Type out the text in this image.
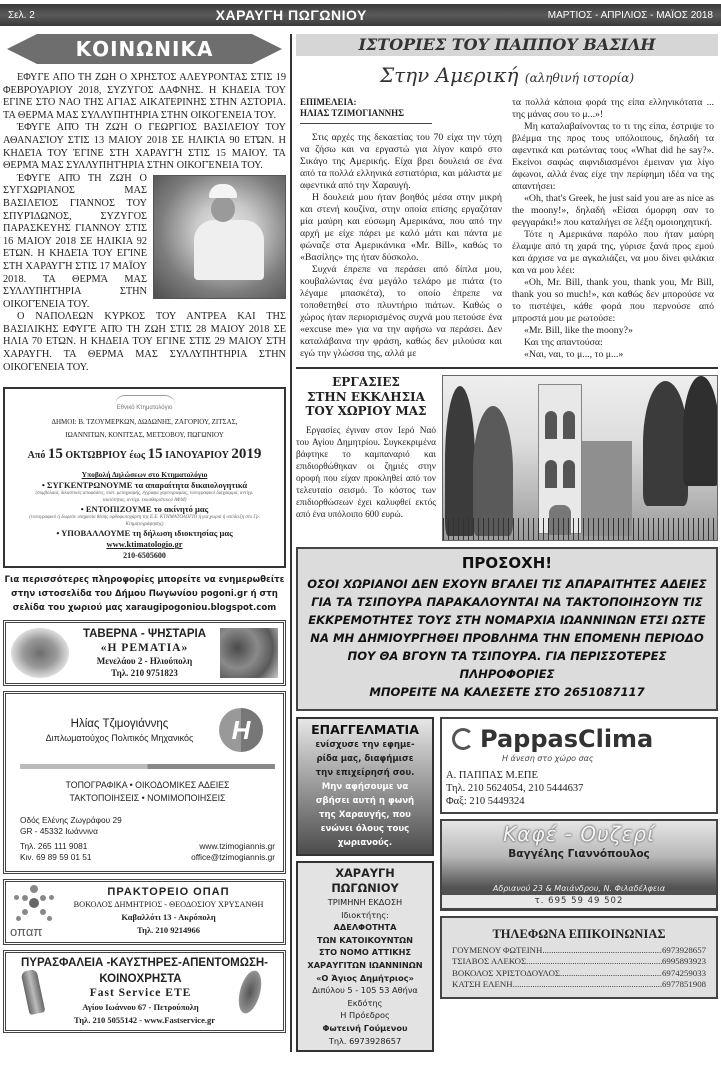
Σελ. 2	ΧΑΡΑΥΓΗ ΠΩΓΩΝΙΟΥ	ΜΑΡΤΙΟΣ - ΑΠΡΙΛΙΟΣ - ΜΑΪΟΣ 2018
ΚΟΙΝΩΝΙΚΑ

ΕΦΥΓΕ ΑΠΟ ΤΗ ΖΩΗ Ο ΧΡΗΣΤΟΣ ΑΛΕΥΡΟΝΤΑΣ ΣΤΙΣ 19 ΦΕΒΡΟΥΑΡΙΟΥ 2018, ΣΥΖΥΓΟΣ ΔΑΦΝΗΣ. Η ΚΗΔΕΙΑ ΤΟΥ ΕΓΙΝΕ ΣΤΟ ΝΑΟ ΤΗΣ ΑΓΙΑΣ ΑΙΚΑΤΕΡΙΝΗΣ ΣΤΗΝ ΑΣΤΟΡΙΑ. ΤΑ ΘΕΡΜΑ ΜΑΣ ΣΥΛΛΥΠΗΤΗΡΙΑ ΣΤΗΝ ΟΙΚΟΓΕΝΕΙΑ ΤΟΥ.

ΈΦΥΓΕ ΑΠΌ ΤΗ ΖΩΉ Ο ΓΕΩΡΓΙΟΣ ΒΑΣΙΛΕΊΟΥ ΤΟΥ ΑΘΑΝΑΣΊΟΥ ΣΤΙΣ 13 ΜΑΙΟΥ 2018 ΣΕ ΗΛΙΚΊΑ 90 ΕΤΏΝ. Η ΚΗΔΕΊΑ ΤΟΥ ΈΓΙΝΕ ΣΤΗ ΧΑΡΑΥΓΉ ΣΤΙΣ 15 ΜΑΙΟΥ. ΤΑ ΘΕΡΜΆ ΜΑΣ ΣΥΛΛΥΠΗΤΉΡΙΑ ΣΤΗΝ ΟΙΚΟΓΈΝΕΙΑ ΤΟΥ.

ΈΦΥΓΕ ΑΠΌ ΤΗ ΖΩΉ Ο ΣΥΓΧΩΡΙΑΝΟΣ ΜΑΣ ΒΑΣΙΛΕΊΟΣ ΓΙΆΝΝΟΣ ΤΟΥ ΣΠΥΡΊΔΩΝΟΣ, ΣΥΖΥΓΟΣ ΠΑΡΑΣΚΕΥΗΣ ΓΙΑΝΝΟΥ ΣΤΙΣ 16 ΜΑΙΟΥ 2018 ΣΕ ΗΛΙΚΙΑ 92 ΕΤΩΝ. Η ΚΗΔΕΊΑ ΤΟΥ ΕΓΊΝΕ ΣΤΗ ΧΑΡΑΥΓΉ ΣΤΙΣ 17 ΜΑΪΟΥ 2018. ΤΑ ΘΕΡΜΆ ΜΑΣ ΣΥΛΛΥΠΗΤΉΡΙΑ ΣΤΗΝ ΟΙΚΟΓΈΝΕΙΑ ΤΟΥ.

Ο ΝΑΠΟΛΕΩΝ ΚΥΡΚΟΣ ΤΟΥ ΑΝΤΡΕΑ ΚΑΙ ΤΗΣ ΒΑΣΙΛΙΚΗΣ ΕΦΥΓΈ ΑΠΌ ΤΗ ΖΩΗ ΣΤΙΣ 28 ΜΑΙΟΥ 2018 ΣΕ ΗΛΙΑ 70 ΕΤΩΝ. Η ΚΗΔΕΙΑ ΤΟΥ ΕΓΙΝΕ ΣΤΙΣ 29 ΜΑΙΟΥ ΣΤΗ ΧΑΡΑΥΓΗ. ΤΑ ΘΕΡΜΑ ΜΑΣ ΣΥΛΛΥΠΗΤΗΡΙΑ ΣΤΗΝ ΟΙΚΟΓΕΝΕΙΑ ΤΟΥ.

Εθνικό Κτηματολόγιο
ΔΗΜΟΙ: Β. ΤΖΟΥΜΕΡΚΩΝ, ΔΩΔΩΝΗΣ, ΖΑΓΟΡΙΟΥ, ΖΙΤΣΑΣ,
ΙΩΑΝΝΙΤΩΝ, ΚΟΝΙΤΣΑΣ, ΜΕΤΣΟΒΟΥ, ΠΩΓΩΝΙΟΥ
Από 15 ΟΚΤΩΒΡΙΟΥ έως 15 ΙΑΝΟΥΑΡΙΟΥ 2019
Υποβολή Δηλώσεων στο Κτηματολόγιο
• ΣΥΓΚΕΝΤΡΩΝΟΥΜΕ τα απαραίτητα δικαιολογητικά
(συμβόλαια, δικαστικές αποφάσεις, πιστ. μεταγραφής, έγγραφα χαρτογραφίας, τοπογραφικό διάγραμμα, αντίγρ. ταυτότητας, αντίγρ. εκκαθαριστικού ΑΦΜ)
• ΕΝΤΟΠΙΖΟΥΜΕ το ακίνητό μας
(τοπογραφικό ή δωρεάν υπηρεσία θέσης ορθοφωτοχάρτη της Ε.Ε. ΚΤΗΜΑΤΟΛΟΓΙΟ ή για χωριά ή υπόδειξη στο Γρ. Κτηματογράφησης)
• ΥΠΟΒΑΛΛΟΥΜΕ τη δήλωση ιδιοκτησίας μας
www.ktimatologio.gr
210-6505600

Για περισσότερες πληροφορίες μπορείτε να ενημερωθείτε στην ιστοσελίδα του Δήμου Πωγωνίου pogoni.gr ή στη σελίδα του χωριού μας xaraugipogoniou.blogspot.com

ΤΑΒΕΡΝΑ - ΨΗΣΤΑΡΙΑ
«Η ΡΕΜΑΤΙΑ»
Μενελάου 2 - Ηλιούπολη
Τηλ. 210 9751823
Ηλίας Τζιμογιάννης
Διπλωματούχος Πολιτικός Μηχανικός	H
ΤΟΠΟΓΡΑΦΙΚΑ • ΟΙΚΟΔΟΜΙΚΕΣ ΑΔΕΙΕΣ
ΤΑΚΤΟΠΟΙΗΣΕΙΣ • ΝΟΜΙΜΟΠΟΙΗΣΕΙΣ
Οδός Ελένης Ζωγράφου 29
GR - 45332 Ιωάννινα
Τηλ. 265 111 9081
Κιν. 69 89 59 01 51
www.tzimogiannis.gr
office@tzimogiannis.gr
οπαπ
ΠΡΑΚΤΟΡΕΙΟ ΟΠΑΠ
ΒΟΚΟΛΟΣ ΔΗΜΗΤΡΙΟΣ - ΘΕΟΔΟΣΙΟΥ ΧΡΥΣΑΝΘΗ
Καβαλλότι 13 - Ακρόπολη
Τηλ. 210 9214966
ΠΥΡΑΣΦΑΛΕΙΑ -ΚΑΥΣΤΗΡΕΣ-ΑΠΕΝΤΟΜΩΣΗ-
ΚΟΙΝΟΧΡΗΣΤΑ
Fast Service ETE
Αγίου Ιωάννου 67 - Πετρούπολη
Τηλ. 210 5055142 - www.Fastservice.gr
ΙΣΤΟΡΙΕΣ ΤΟΥ ΠΑΠΠΟΥ ΒΑΣΙΛΗ
Στην Αμερική (αληθινή ιστορία)
ΕΠΙΜΕΛΕΙΑ:
ΗΛΙΑΣ ΤΖΙΜΟΓΙΑΝΝΗΣ

Στις αρχές της δεκαετίας του 70 είχα την τύχη να ζήσω και να εργαστώ για λίγον καιρό στο Σικάγο της Αμερικής. Είχα βρει δουλειά σε ένα από τα πολλά ελληνικά εστιατόρια, και μάλιστα με αφεντικά από την Χαραυγή.

Η δουλειά μου ήταν βοηθός μέσα στην μικρή και στενή κουζίνα, στην οποία επίσης εργαζόταν μία μαύρη και εύσωμη Αμερικάνα, που από την αρχή με είχε πάρει με καλό μάτι και πάντα με φώναζε στα Αμερικάνικα «Mr. Bill», καθώς το «Βασίλης» της ήταν δύσκολο.

Συχνά έπρεπε να περάσει από δίπλα μου, κουβαλώντας ένα μεγάλο τελάρο με πιάτα (το λέγαμε μπασκέτα), το οποίο έπρεπε να τοποθετηθεί στο πλυντήριο πιάτων. Καθώς ο χώρος ήταν περιορισμένος συχνά μου πετούσε ένα «excuse me» για να την αφήσω να περάσει. Δεν καταλάβαινα την φράση, καθώς δεν μιλούσα και εγώ την γλώσσα της, αλλά με

τα πολλά κάποια φορά της είπα ελληνικότατα ... της μάνας σου το μ...»!

Μη καταλαβαίνοντας το τι της είπα, έστριψε το βλέμμα της προς τους υπόλοιπους, δηλαδή τα αφεντικά και ρωτώντας τους «What did he say?». Εκείνοι σαφώς αιφνιδιασμένοι έμειναν για λίγο άφωνοι, αλλά ένας είχε την περίφημη ιδέα να της απαντήσει:

«Oh, that's Greek, he just said you are as nice as the moony!», δηλαδή «Είσαι όμορφη σαν το φεγγαράκι!» που καταλήγει σε λέξη ομοιοηχητική.

Τότε η Αμερικάνα παρόλο που ήταν μαύρη έλαμψε από τη χαρά της, γύρισε ξανά προς εμού και άρχισε να με αγκαλιάζει, να μου δίνει φιλάκια και να μου λέει:

«Oh, Mr. Bill, thank you, thank you, Mr Bill, thank you so much!», και καθώς δεν μπορούσε να το πιστέψει, κάθε φορά που περνούσε από μπροστά μου με ρωτούσε:

«Mr. Bill, like the moony?»

Και της απαντούσα:

«Ναι, ναι, το μ..., το μ...»

ΕΡΓΑΣΙΕΣ
ΣΤΗΝ ΕΚΚΛΗΣΙΑ
ΤΟΥ ΧΩΡΙΟΥ ΜΑΣ

Εργασίες έγιναν στον Ιερό Ναό του Αγίου Δημητρίου. Συγκεκριμένα βάφτηκε το καμπαναριό και επιδιορθώθηκαν οι ζημιές στην οροφή που είχαν προκληθεί από τον τελευταίο σεισμό. Το κόστος των επιδιορθώσεων έχει καλυφθεί εκτός από ένα υπόλοιπο 600 ευρώ.

ΠΡΟΣΟΧΗ!
ΟΣΟΙ ΧΩΡΙΑΝΟΙ ΔΕΝ ΕΧΟΥΝ ΒΓΑΛΕΙ ΤΙΣ ΑΠΑΡΑΙΤΗΤΕΣ ΑΔΕΙΕΣ
ΓΙΑ ΤΑ ΤΣΙΠΟΥΡΑ ΠΑΡΑΚΑΛΟΥΝΤΑΙ ΝΑ ΤΑΚΤΟΠΟΙΗΣΟΥΝ ΤΙΣ
ΕΚΚΡΕΜΟΤΗΤΕΣ ΤΟΥΣ ΣΤΗ ΝΟΜΑΡΧΙΑ ΙΩΑΝΝΙΝΩΝ ΕΤΣΙ ΩΣΤΕ
ΝΑ ΜΗ ΔΗΜΙΟΥΡΓΗΘΕΙ ΠΡΟΒΛΗΜΑ ΤΗΝ ΕΠΟΜΕΝΗ ΠΕΡΙΟΔΟ
ΠΟΥ ΘΑ ΒΓΟΥΝ ΤΑ ΤΣΙΠΟΥΡΑ. ΓΙΑ ΠΕΡΙΣΣΟΤΕΡΕΣ ΠΛΗΡΟΦΟΡΙΕΣ
ΜΠΟΡΕΙΤΕ ΝΑ ΚΑΛΕΣΕΤΕ ΣΤΟ 2651087117
ΕΠΑΓΓΕΛΜΑΤΙΑ
ενίσχυσε την εφημε-
ρίδα μας, διαφήμισε
την επιχείρησή σου.
Μην αφήσουμε να
σβήσει αυτή η φωνή
της Χαραυγής, που
ενώνει όλους τους
χωριανούς.
ΧΑΡΑΥΓΗ ΠΩΓΩΝΙΟΥ
ΤΡΙΜΗΝΗ ΕΚΔΟΣΗ
Ιδιοκτήτης:
ΑΔΕΛΦΟΤΗΤΑ
ΤΩΝ ΚΑΤΟΙΚΟΥΝΤΩΝ
ΣΤΟ ΝΟΜΟ ΑΤΤΙΚΗΣ
ΧΑΡΑΥΓΙΤΩΝ ΙΩΑΝΝΙΝΩΝ
«Ο Άγιος Δημήτριος»
Διπύλου 5 - 105 53 Αθήνα
Εκδότης
Η Πρόεδρος
Φωτεινή Γούμενου
Τηλ. 6973928657
PappasClima
Η άνεση στο χώρο σας
Α. ΠΑΠΠΑΣ Μ.ΕΠΕ
Τηλ. 210 5624054, 210 5444637
Φαξ: 210 5449324
Καφέ - Ουζερί
Βαγγέλης Γιαννόπουλος
Αδριανού 23 & Μαιάνδρου, Ν. Φιλαδέλφεια
τ. 695 59 49 502
ΤΗΛΕΦΩΝΑ ΕΠΙΚΟΙΝΩΝΙΑΣ
ΓΟΥΜΕΝΟΥ ΦΩΤΕΙΝΗ .....	6973928657
ΤΣΙΑΒΟΣ ΑΛΕΚΟΣ .....	6995893923
ΒΟΚΟΛΟΣ ΧΡΙΣΤΟΔΟΥΛΟΣ .....	6974259033
ΚΑΤΣΗ ΕΛΕΝΗ .....	6977851908
